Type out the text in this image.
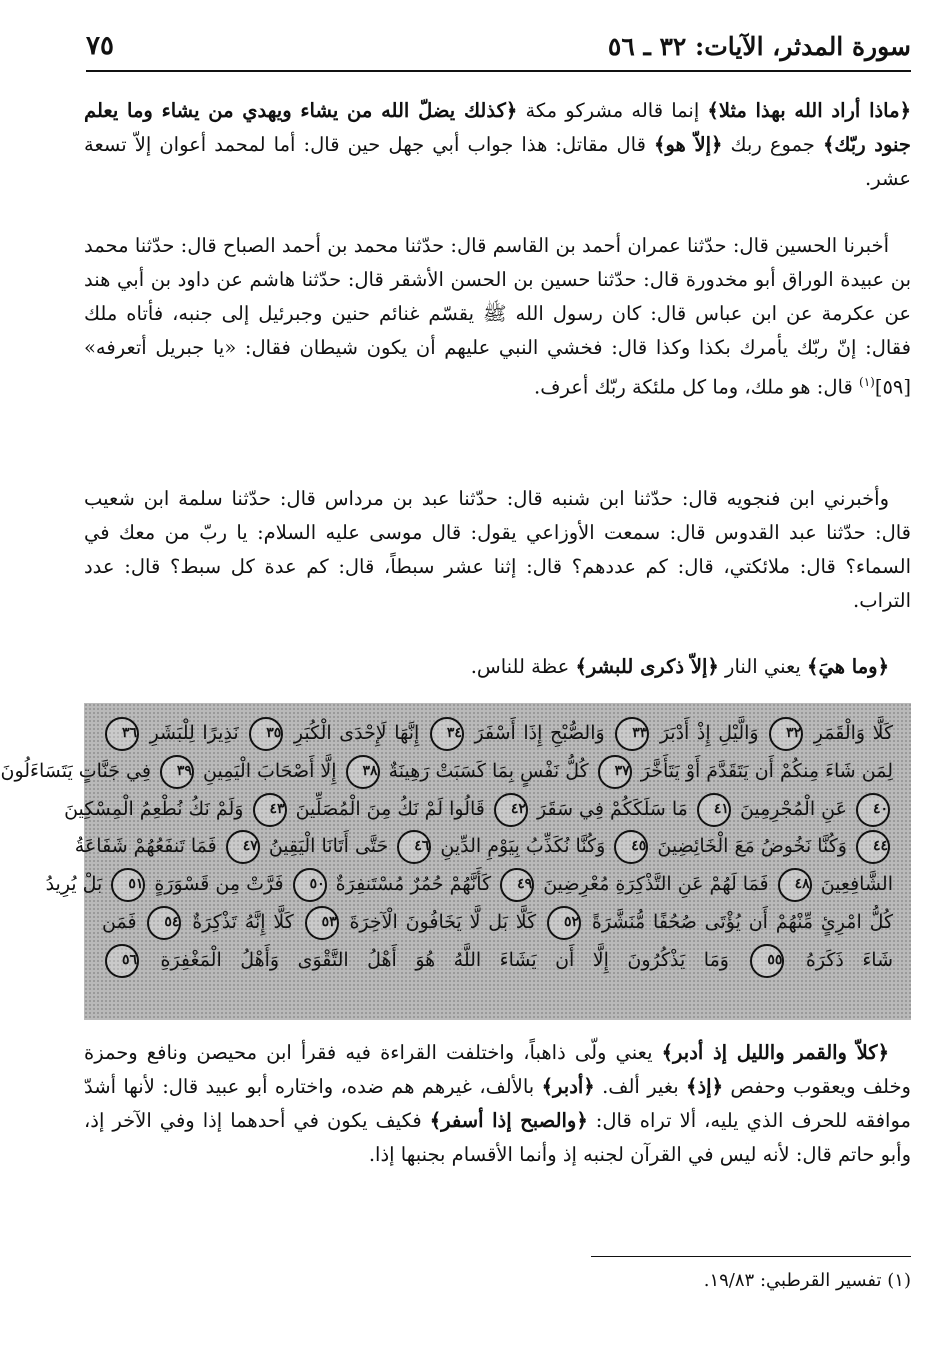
سورة المدثر، الآيات: ٣٢ ـ ٥٦
٧٥

﴿ماذا أراد الله بهذا مثلا﴾ إنما قاله مشركو مكة ﴿كذلك يضلّ الله من يشاء ويهدي من يشاء وما يعلم جنود ربّك﴾ جموع ربك ﴿إلاّ هو﴾ قال مقاتل: هذا جواب أبي جهل حين قال: أما لمحمد أعوان إلاّ تسعة عشر.

أخبرنا الحسين قال: حدّثنا عمران أحمد بن القاسم قال: حدّثنا محمد بن أحمد الصباح قال: حدّثنا محمد بن عبيدة الوراق أبو مخدورة قال: حدّثنا حسين بن الحسن الأشقر قال: حدّثنا هاشم عن داود بن أبي هند عن عكرمة عن ابن عباس قال: كان رسول الله ﷺ يقسّم غنائم حنين وجبرئيل إلى جنبه، فأتاه ملك فقال: إنّ ربّك يأمرك بكذا وكذا قال: فخشي النبي عليهم أن يكون شيطان فقال: «يا جبريل أتعرفه» [٥٩]$^{(١)}$ قال: هو ملك، وما كل ملئكة ربّك أعرف.

وأخبرني ابن فنجويه قال: حدّثنا ابن شنبه قال: حدّثنا عبد بن مرداس قال: حدّثنا سلمة ابن شعيب قال: حدّثنا عبد القدوس قال: سمعت الأوزاعي يقول: قال موسى عليه السلام: يا ربّ من معك في السماء؟ قال: ملائكتي، قال: كم عددهم؟ قال: إثنا عشر سبطاً، قال: كم عدة كل سبط؟ قال: عدد التراب.

﴿وما هيَ﴾ يعني النار ﴿إلاّ ذكرى للبشر﴾ عظة للناس.

كَلَّا وَالْقَمَرِ ٣٢ وَالَّيْلِ إِذْ أَدْبَرَ ٣٣ وَالصُّبْحِ إِذَا أَسْفَرَ ٣٤ إِنَّهَا لَإِحْدَى الْكُبَرِ ٣٥ نَذِيرًا لِلْبَشَرِ ٣٦
لِمَن شَاءَ مِنكُمْ أَن يَتَقَدَّمَ أَوْ يَتَأَخَّرَ ٣٧ كُلُّ نَفْسٍ بِمَا كَسَبَتْ رَهِينَةٌ ٣٨ إِلَّا أَصْحَابَ الْيَمِينِ ٣٩ فِي جَنَّاتٍ يَتَسَاءَلُونَ
٤٠ عَنِ الْمُجْرِمِينَ ٤١ مَا سَلَكَكُمْ فِي سَقَرَ ٤٢ قَالُوا لَمْ نَكُ مِنَ الْمُصَلِّينَ ٤٣ وَلَمْ نَكُ نُطْعِمُ الْمِسْكِينَ
٤٤ وَكُنَّا نَخُوضُ مَعَ الْخَائِضِينَ ٤٥ وَكُنَّا نُكَذِّبُ بِيَوْمِ الدِّينِ ٤٦ حَتَّى أَتَانَا الْيَقِينُ ٤٧ فَمَا تَنفَعُهُمْ شَفَاعَةُ
الشَّافِعِينَ ٤٨ فَمَا لَهُمْ عَنِ التَّذْكِرَةِ مُعْرِضِينَ ٤٩ كَأَنَّهُمْ حُمُرٌ مُسْتَنفِرَةٌ ٥٠ فَرَّتْ مِن قَسْوَرَةٍ ٥١ بَلْ يُرِيدُ
كُلُّ امْرِئٍ مِّنْهُمْ أَن يُؤْتَى صُحُفًا مُّنَشَّرَةً ٥٢ كَلَّا بَل لَّا يَخَافُونَ الْآخِرَةَ ٥٣ كَلَّا إِنَّهُ تَذْكِرَةٌ ٥٤ فَمَن
شَاءَ ذَكَرَهُ ٥٥ وَمَا يَذْكُرُونَ إِلَّا أَن يَشَاءَ اللَّهُ هُوَ أَهْلُ التَّقْوَى وَأَهْلُ الْمَغْفِرَةِ ٥٦

﴿كلاّ والقمر والليل إذ أدبر﴾ يعني ولّى ذاهباً، واختلفت القراءة فيه فقرأ ابن محيصن ونافع وحمزة وخلف ويعقوب وحفص ﴿إذ﴾ بغير ألف. ﴿أدبر﴾ بالألف، غيرهم هم ضده، واختاره أبو عبيد قال: لأنها أشدّ موافقه للحرف الذي يليه، ألا تراه قال: ﴿والصبح إذا أسفر﴾ فكيف يكون في أحدهما إذا وفي الآخر إذ، وأبو حاتم قال: لأنه ليس في القرآن لجنبه إذ وأنما الأقسام بجنبها إذا.

(١) تفسير القرطبي: ١٩/٨٣.
